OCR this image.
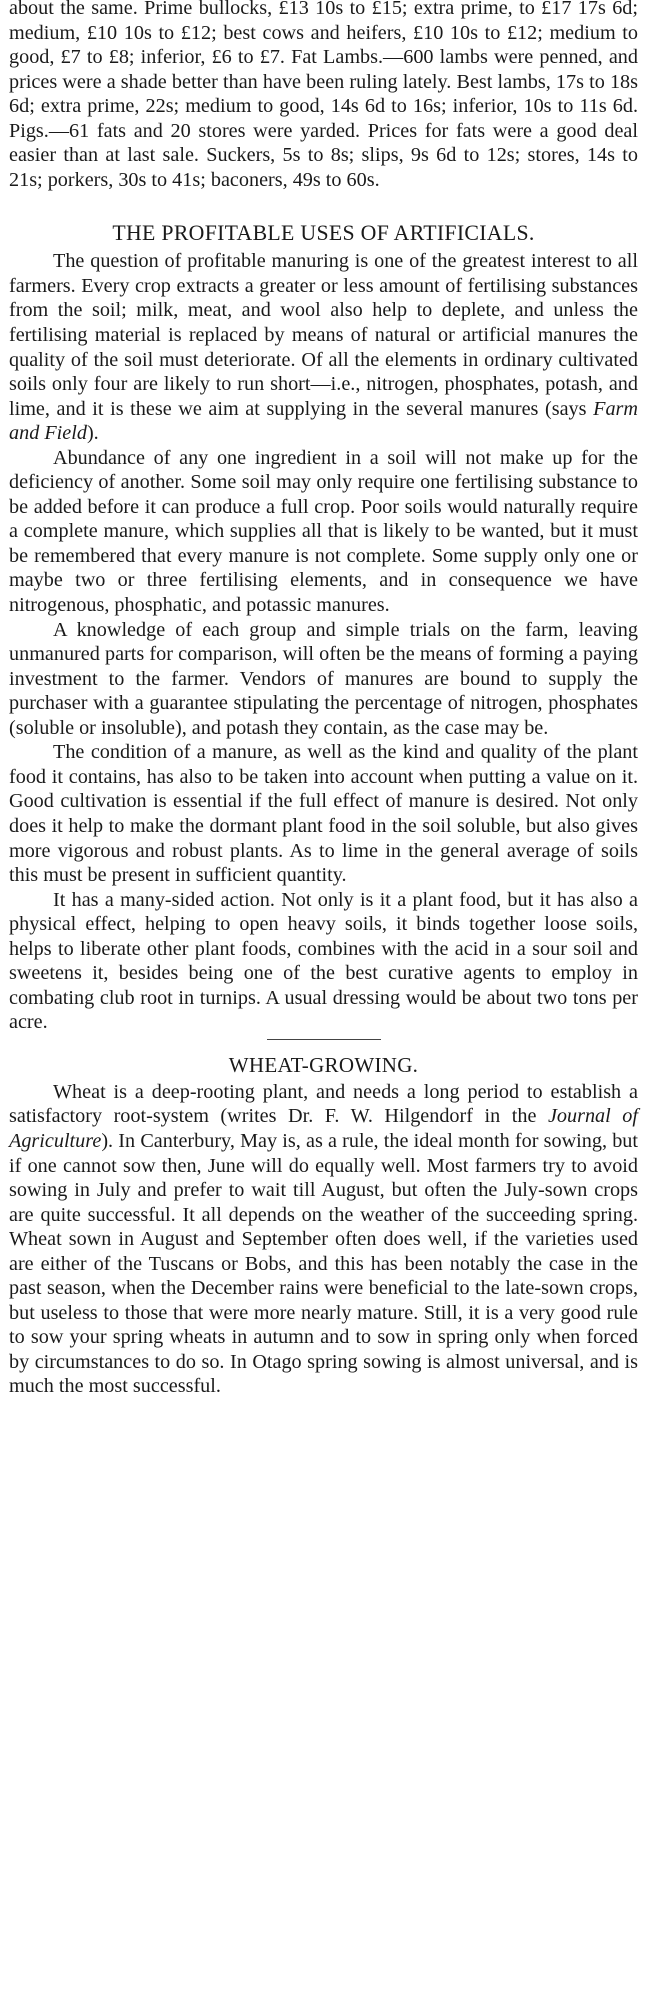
about the same. Prime bullocks, £13 10s to £15; extra prime, to £17 17s 6d; medium, £10 10s to £12; best cows and heifers, £10 10s to £12; medium to good, £7 to £8; inferior, £6 to £7. Fat Lambs.—600 lambs were penned, and prices were a shade better than have been ruling lately. Best lambs, 17s to 18s 6d; extra prime, 22s; medium to good, 14s 6d to 16s; inferior, 10s to 11s 6d. Pigs.—61 fats and 20 stores were yarded. Prices for fats were a good deal easier than at last sale. Suckers, 5s to 8s; slips, 9s 6d to 12s; stores, 14s to 21s; porkers, 30s to 41s; baconers, 49s to 60s.

THE PROFITABLE USES OF ARTIFICIALS.

The question of profitable manuring is one of the greatest interest to all farmers. Every crop extracts a greater or less amount of fertilising substances from the soil; milk, meat, and wool also help to deplete, and unless the fertilising material is replaced by means of natural or artificial manures the quality of the soil must deteriorate. Of all the elements in ordinary cultivated soils only four are likely to run short—i.e., nitrogen, phosphates, potash, and lime, and it is these we aim at supplying in the several manures (says Farm and Field).

Abundance of any one ingredient in a soil will not make up for the deficiency of another. Some soil may only require one fertilising substance to be added before it can produce a full crop. Poor soils would naturally require a complete manure, which supplies all that is likely to be wanted, but it must be remembered that every manure is not complete. Some supply only one or maybe two or three fertilising elements, and in consequence we have nitrogenous, phosphatic, and potassic manures.

A knowledge of each group and simple trials on the farm, leaving unmanured parts for comparison, will often be the means of forming a paying investment to the farmer. Vendors of manures are bound to supply the purchaser with a guarantee stipulating the percentage of nitrogen, phosphates (soluble or insoluble), and potash they contain, as the case may be.

The condition of a manure, as well as the kind and quality of the plant food it contains, has also to be taken into account when putting a value on it. Good cultivation is essential if the full effect of manure is desired. Not only does it help to make the dormant plant food in the soil soluble, but also gives more vigorous and robust plants. As to lime in the general average of soils this must be present in sufficient quantity.

It has a many-sided action. Not only is it a plant food, but it has also a physical effect, helping to open heavy soils, it binds together loose soils, helps to liberate other plant foods, combines with the acid in a sour soil and sweetens it, besides being one of the best curative agents to employ in combating club root in turnips. A usual dressing would be about two tons per acre.

WHEAT-GROWING.

Wheat is a deep-rooting plant, and needs a long period to establish a satisfactory root-system (writes Dr. F. W. Hilgendorf in the Journal of Agriculture). In Canterbury, May is, as a rule, the ideal month for sowing, but if one cannot sow then, June will do equally well. Most farmers try to avoid sowing in July and prefer to wait till August, but often the July-sown crops are quite successful. It all depends on the weather of the succeeding spring. Wheat sown in August and September often does well, if the varieties used are either of the Tuscans or Bobs, and this has been notably the case in the past season, when the December rains were beneficial to the late-sown crops, but useless to those that were more nearly mature. Still, it is a very good rule to sow your spring wheats in autumn and to sow in spring only when forced by circumstances to do so. In Otago spring sowing is almost universal, and is much the most successful.
